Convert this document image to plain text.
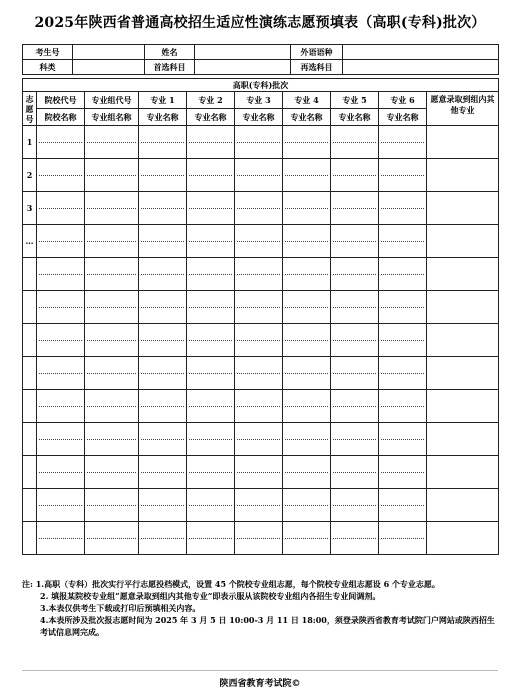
2025年陕西省普通高校招生适应性演练志愿预填表（高职(专科)批次）
考生号		姓名		外语语种	
科类		首选科目		再选科目	
高职(专科)批次									
志愿号	院校代号	专业组代号	专业 1	专业 2	专业 3	专业 4	专业 5	专业 6	愿意录取到组内其他专业
	院校名称	专业组名称	专业名称	专业名称	专业名称	专业名称	专业名称	专业名称	
1	

2	

3	

…	

注: 1.高职（专科）批次实行平行志愿投档模式，设置 45 个院校专业组志愿，每个院校专业组志愿设 6 个专业志愿。

2. 填报某院校专业组“愿意录取到组内其他专业”即表示服从该院校专业组内各招生专业间调剂。

3.本表仅供考生下载或打印后预填相关内容。

4.本表所涉及批次报志愿时间为 2025 年 3 月 5 日 10:00-3 月 11 日 18:00，须登录陕西省教育考试院门户网站或陕西招生考试信息网完成。

陕西省教育考试院©
